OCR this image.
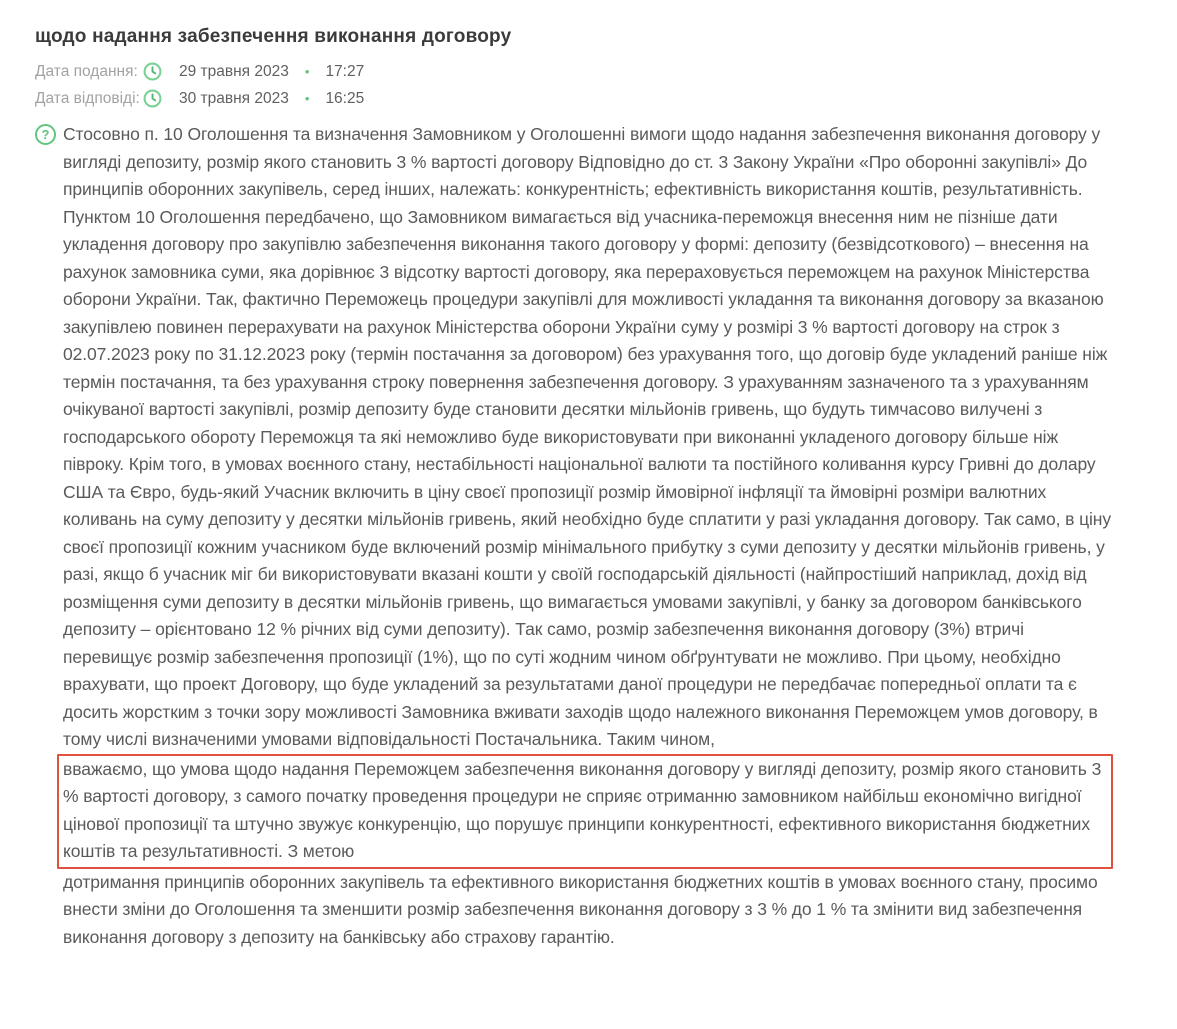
щодо надання забезпечення виконання договору
Дата подання:	29 травня 2023 • 17:27
Дата відповіді:	30 травня 2023 • 16:25
? Стосовно п. 10 Оголошення та визначення Замовником у Оголошенні вимоги щодо надання забезпечення виконання договору у вигляді депозиту, розмір якого становить 3 % вартості договору Відповідно до ст. 3 Закону України «Про оборонні закупівлі» До принципів оборонних закупівель, серед інших, належать: конкурентність; ефективність використання коштів, результативність. Пунктом 10 Оголошення передбачено, що Замовником вимагається від учасника-переможця внесення ним не пізніше дати укладення договору про закупівлю забезпечення виконання такого договору у формі: депозиту (безвідсоткового) – внесення на рахунок замовника суми, яка дорівнює 3 відсотку вартості договору, яка перераховується переможцем на рахунок Міністерства оборони України. Так, фактично Переможець процедури закупівлі для можливості укладання та виконання договору за вказаною закупівлею повинен перерахувати на рахунок Міністерства оборони України суму у розмірі 3 % вартості договору на строк з 02.07.2023 року по 31.12.2023 року (термін постачання за договором) без урахування того, що договір буде укладений раніше ніж термін постачання, та без урахування строку повернення забезпечення договору. З урахуванням зазначеного та з урахуванням очікуваної вартості закупівлі, розмір депозиту буде становити десятки мільйонів гривень, що будуть тимчасово вилучені з господарського обороту Переможця та які неможливо буде використовувати при виконанні укладеного договору більше ніж півроку. Крім того, в умовах воєнного стану, нестабільності національної валюти та постійного коливання курсу Гривні до долару США та Євро, будь-який Учасник включить в ціну своєї пропозиції розмір ймовірної інфляції та ймовірні розміри валютних коливань на суму депозиту у десятки мільйонів гривень, який необхідно буде сплатити у разі укладання договору. Так само, в ціну своєї пропозиції кожним учасником буде включений розмір мінімального прибутку з суми депозиту у десятки мільйонів гривень, у разі, якщо б учасник міг би використовувати вказані кошти у своїй господарській діяльності (найпростіший наприклад, дохід від розміщення суми депозиту в десятки мільйонів гривень, що вимагається умовами закупівлі, у банку за договором банківського депозиту – орієнтовано 12 % річних від суми депозиту). Так само, розмір забезпечення виконання договору (3%) втричі перевищує розмір забезпечення пропозиції (1%), що по суті жодним чином обґрунтувати не можливо. При цьому, необхідно врахувати, що проект Договору, що буде укладений за результатами даної процедури не передбачає попередньої оплати та є досить жорстким з точки зору можливості Замовника вживати заходів щодо належного виконання Переможцем умов договору, в тому числі визначеними умовами відповідальності Постачальника. Таким чином,
вважаємо, що умова щодо надання Переможцем забезпечення виконання договору у вигляді депозиту, розмір якого становить 3 % вартості договору, з самого початку проведення процедури не сприяє отриманню замовником найбільш економічно вигідної цінової пропозиції та штучно звужує конкуренцію, що порушує принципи конкурентності, ефективного використання бюджетних коштів та результативності. З метою
дотримання принципів оборонних закупівель та ефективного використання бюджетних коштів в умовах воєнного стану, просимо внести зміни до Оголошення та зменшити розмір забезпечення виконання договору з 3 % до 1 % та змінити вид забезпечення виконання договору з депозиту на банківську або страхову гарантію.
